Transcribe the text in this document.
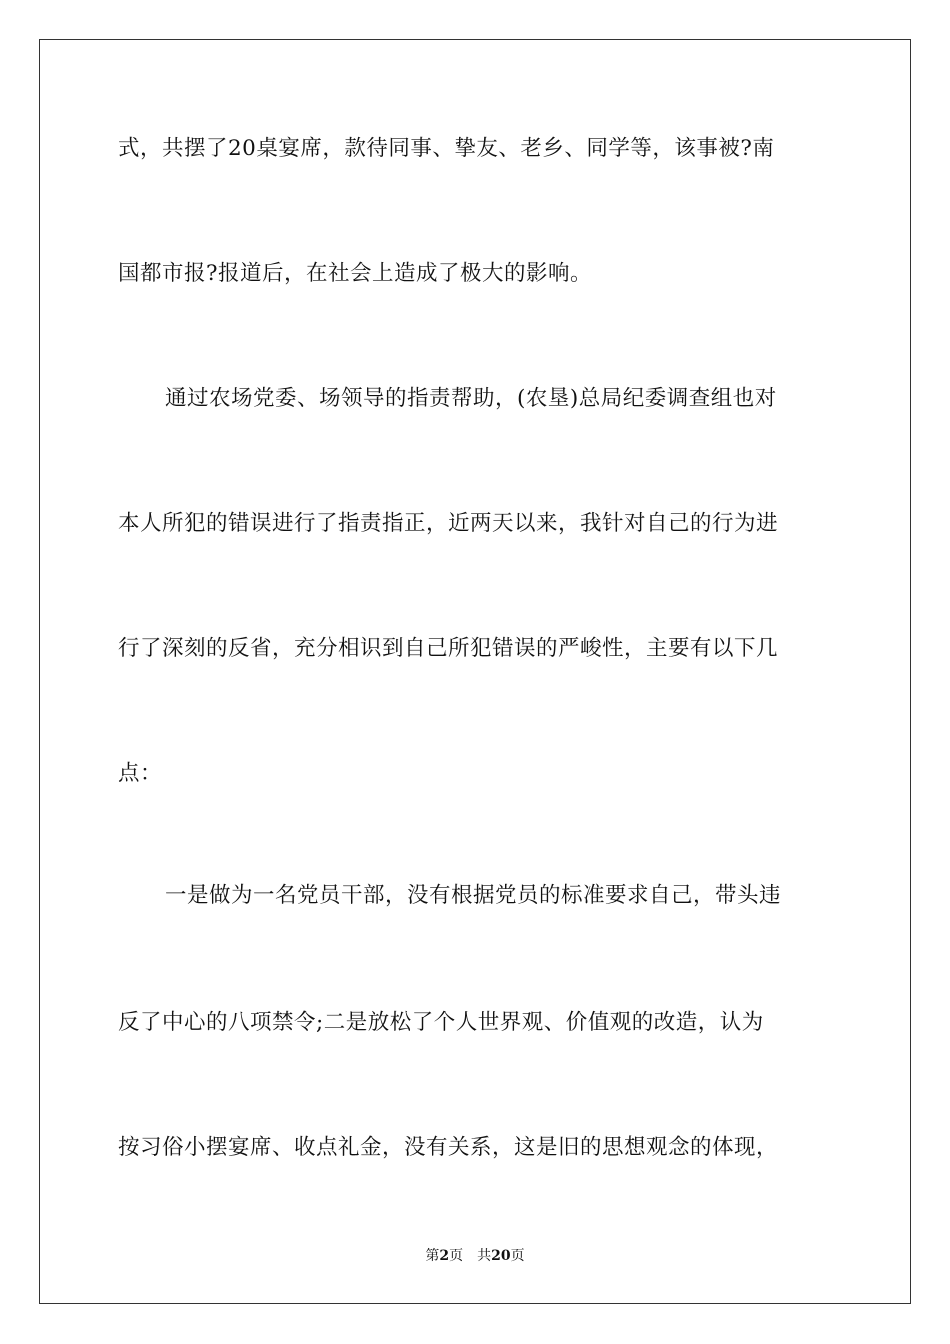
式，共摆了20桌宴席，款待同事、挚友、老乡、同学等，该事被?南
国都市报?报道后，在社会上造成了极大的影响。
通过农场党委、场领导的指责帮助，(农垦)总局纪委调查组也对
本人所犯的错误进行了指责指正，近两天以来，我针对自己的行为进
行了深刻的反省，充分相识到自己所犯错误的严峻性，主要有以下几
点：
一是做为一名党员干部，没有根据党员的标准要求自己，带头违
反了中心的八项禁令;二是放松了个人世界观、价值观的改造，认为
按习俗小摆宴席、收点礼金，没有关系，这是旧的思想观念的体现，
第2页 共20页
